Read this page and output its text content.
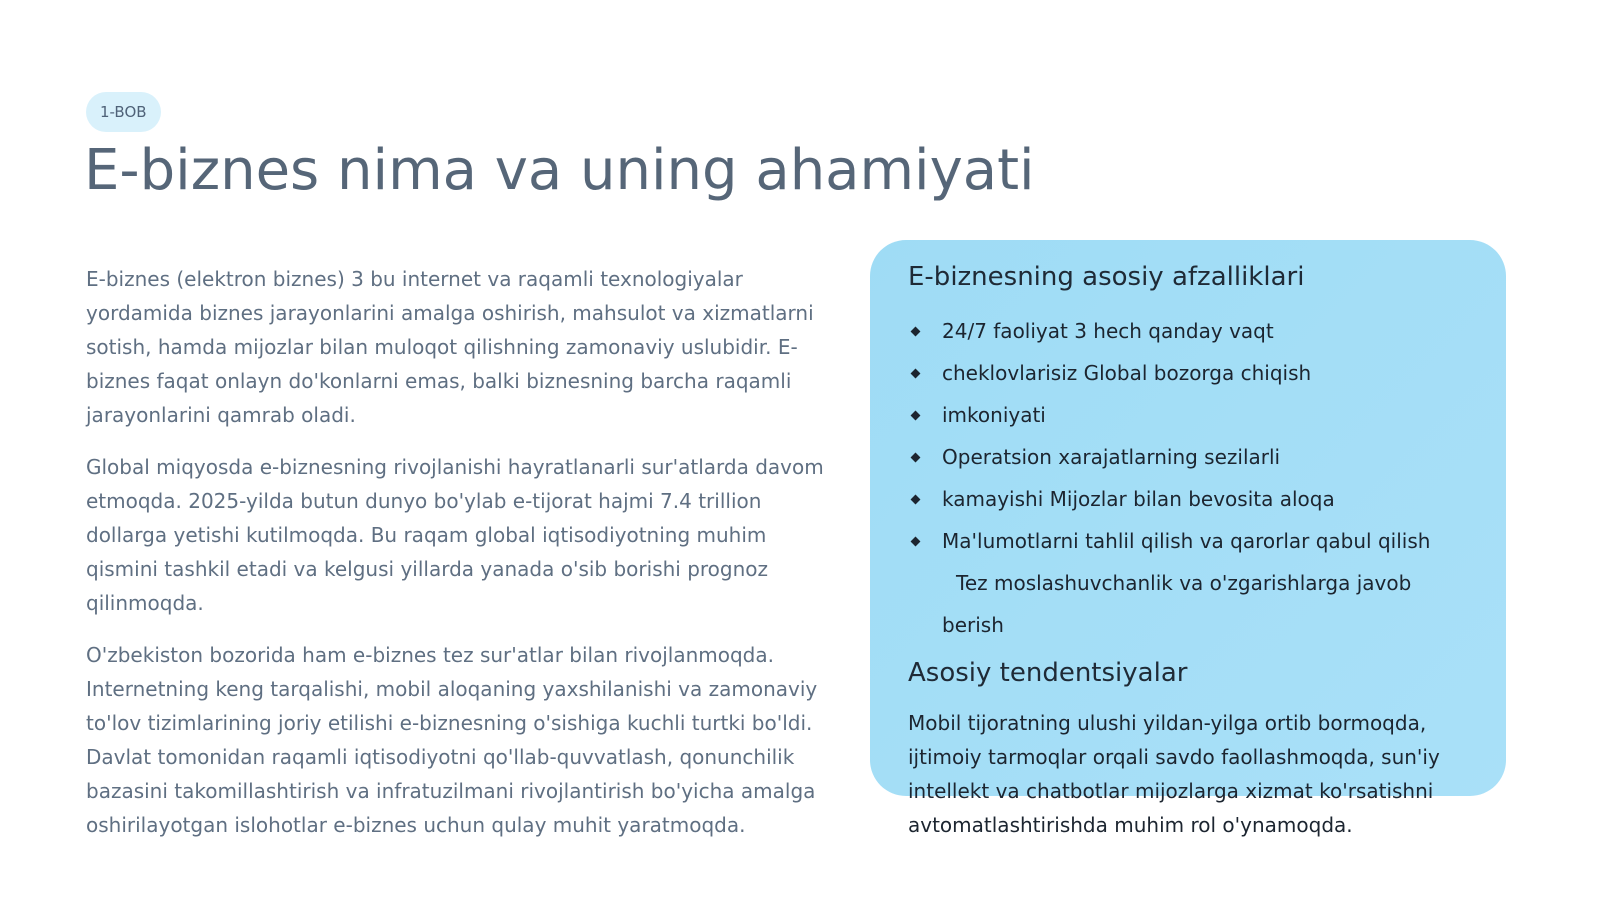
1-BOB
E-biznes nima va uning ahamiyati

E-biznes (elektron biznes) 3 bu internet va raqamli texnologiyalar yordamida biznes jarayonlarini amalga oshirish, mahsulot va xizmatlarni sotish, hamda mijozlar bilan muloqot qilishning zamonaviy uslubidir. E-biznes faqat onlayn do'konlarni emas, balki biznesning barcha raqamli jarayonlarini qamrab oladi.

Global miqyosda e-biznesning rivojlanishi hayratlanarli sur'atlarda davom etmoqda. 2025-yilda butun dunyo bo'ylab e-tijorat hajmi 7.4 trillion dollarga yetishi kutilmoqda. Bu raqam global iqtisodiyotning muhim qismini tashkil etadi va kelgusi yillarda yanada o'sib borishi prognoz qilinmoqda.

O'zbekiston bozorida ham e-biznes tez sur'atlar bilan rivojlanmoqda. Internetning keng tarqalishi, mobil aloqaning yaxshilanishi va zamonaviy to'lov tizimlarining joriy etilishi e-biznesning o'sishiga kuchli turtki bo'ldi. Davlat tomonidan raqamli iqtisodiyotni qo'llab-quvvatlash, qonunchilik bazasini takomillashtirish va infratuzilmani rivojlantirish bo'yicha amalga oshirilayotgan islohotlar e-biznes uchun qulay muhit yaratmoqda.

E-biznesning asosiy afzalliklari
24/7 faoliyat 3 hech qanday vaqt
cheklovlarisiz Global bozorga chiqish
imkoniyati
Operatsion xarajatlarning sezilarli
kamayishi Mijozlar bilan bevosita aloqa
Ma'lumotlarni tahlil qilish va qarorlar qabul qilish
Tez moslashuvchanlik va o'zgarishlarga javob
berish
Asosiy tendentsiyalar

Mobil tijoratning ulushi yildan-yilga ortib bormoqda, ijtimoiy tarmoqlar orqali savdo faollashmoqda, sun'iy intellekt va chatbotlar mijozlarga xizmat ko'rsatishni avtomatlashtirishda muhim rol o'ynamoqda.
